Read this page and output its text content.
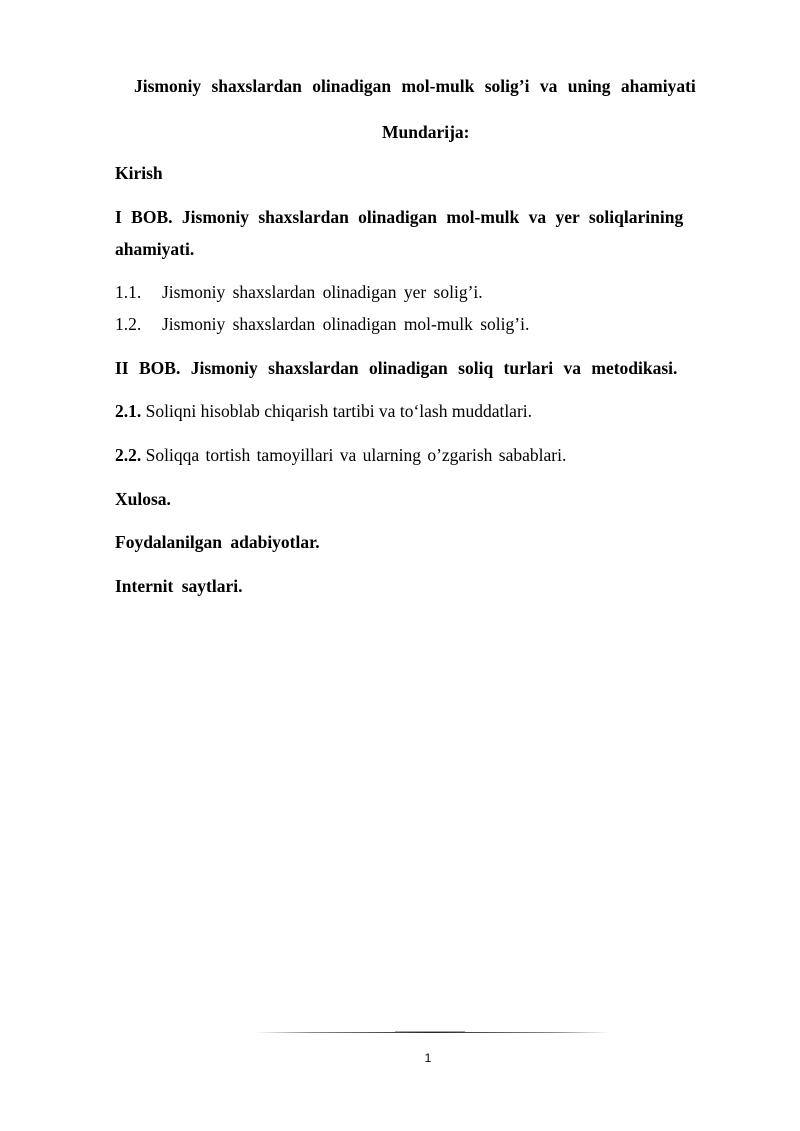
Jismoniy shaxslardan olinadigan mol-mulk solig’i va uning ahamiyati
Mundarija:
Kirish
I BOB. Jismoniy shaxslardan olinadigan mol-mulk va yer soliqlarining
ahamiyati.
1.1. Jismoniy shaxslardan olinadigan yer solig’i.
1.2. Jismoniy shaxslardan olinadigan mol-mulk solig’i.
II BOB. Jismoniy shaxslardan olinadigan soliq turlari va metodikasi.
2.1. Soliqni hisoblab chiqarish tartibi va to‘lash muddatlari.
2.2. Soliqqa tortish tamoyillari va ularning o’zgarish sabablari.
Xulosa.
Foydalanilgan adabiyotlar.
Internit saytlari.
1
